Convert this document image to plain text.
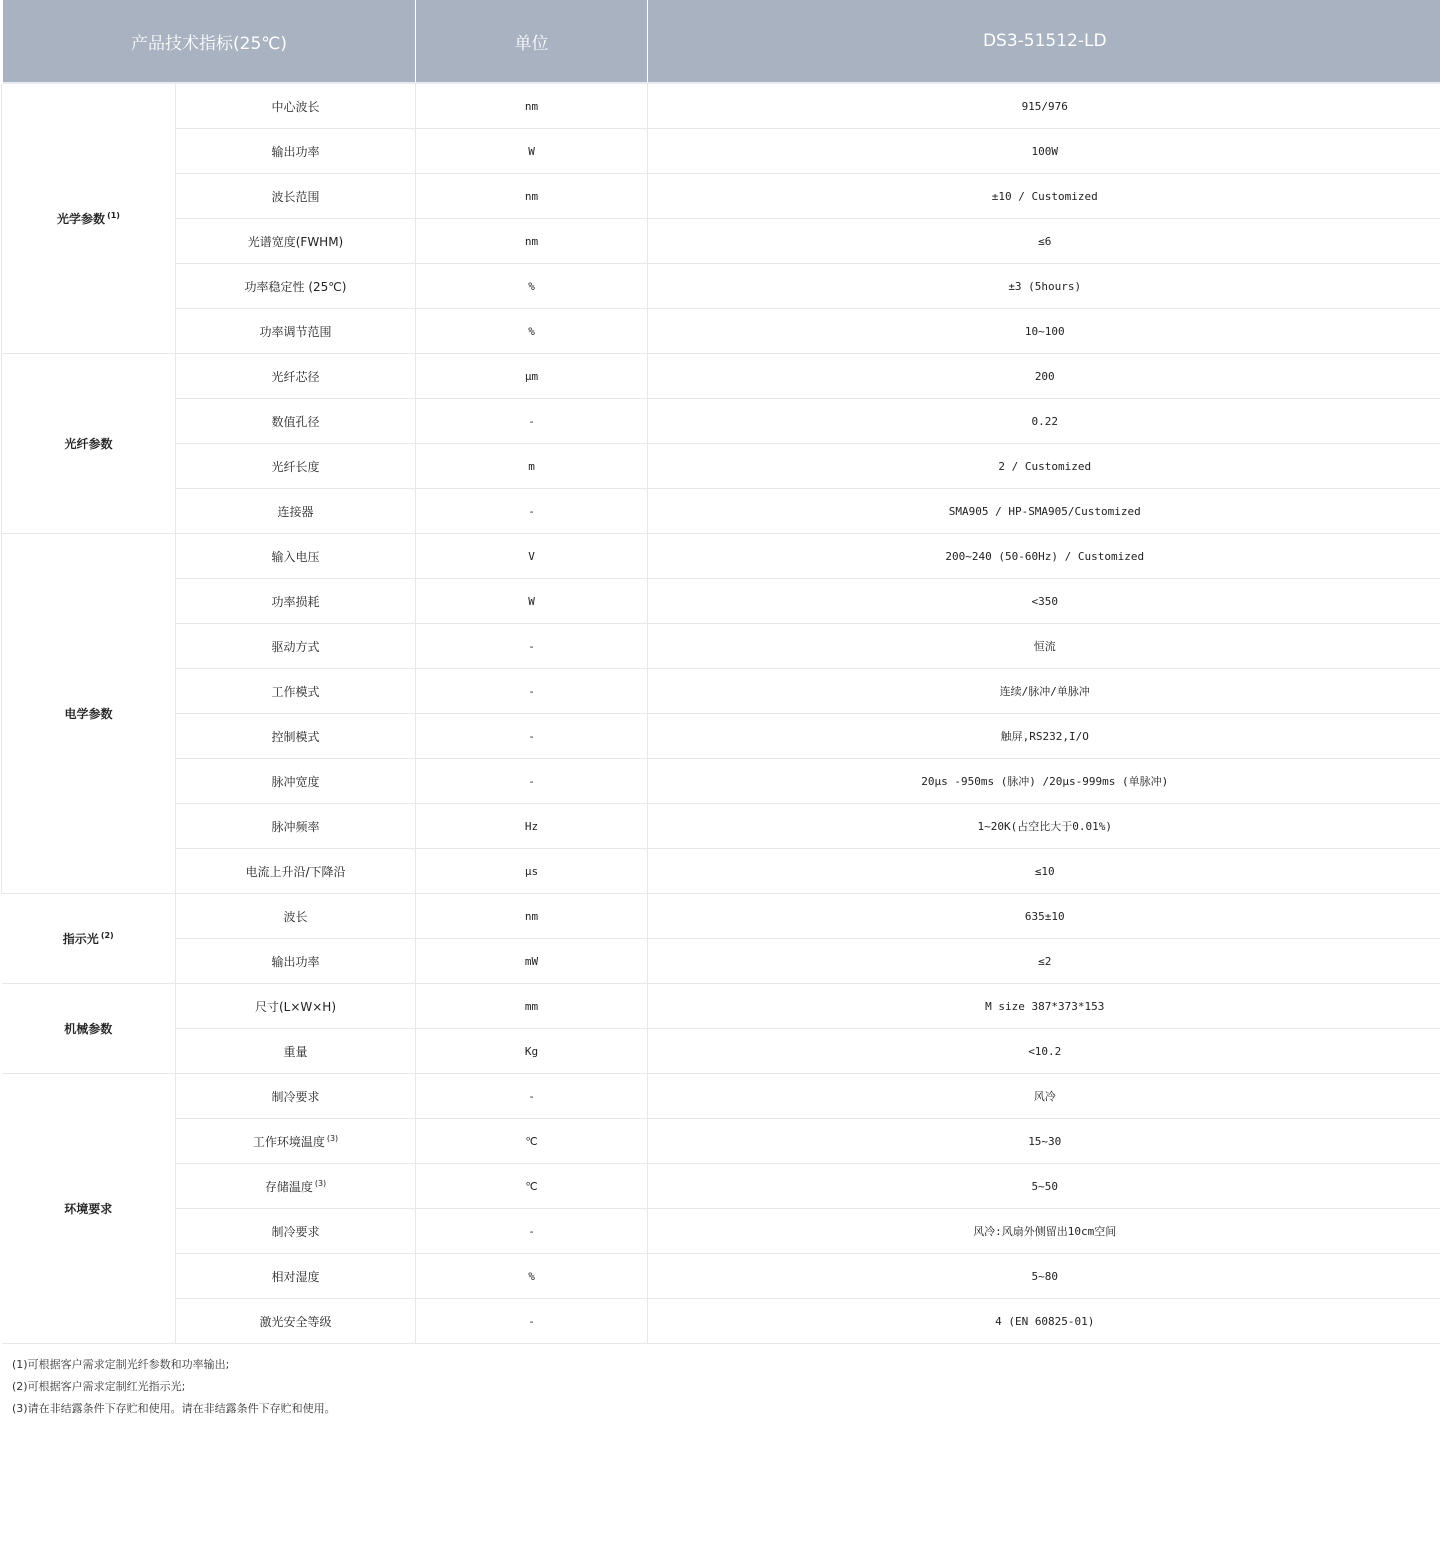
产品技术指标(25℃)		单位	DS3-51512-LD
光学参数 $^{(1)}$	中心波长	nm	915/976
	输出功率	W	100W
	波长范围	nm	±10 / Customized
	光谱宽度(FWHM)	nm	≤6
	功率稳定性 (25℃)	%	±3 (5hours)
	功率调节范围	%	10~100
光纤参数	光纤芯径	μm	200
	数值孔径	-	0.22
	光纤长度	m	2 / Customized
	连接器	-	SMA905 / HP-SMA905/Customized
电学参数	输入电压	V	200~240 (50-60Hz) / Customized
	功率损耗	W	<350
	驱动方式	-	恒流
	工作模式	-	连续/脉冲/单脉冲
	控制模式	-	触屏,RS232,I/O
	脉冲宽度	-	20μs -950ms (脉冲) /20μs-999ms (单脉冲)
	脉冲频率	Hz	1~20K(占空比大于0.01%)
	电流上升沿/下降沿	μs	≤10
指示光 $^{(2)}$	波长	nm	635±10
	输出功率	mW	≤2
机械参数	尺寸(L×W×H)	mm	M size 387*373*153
	重量	Kg	<10.2
环境要求	制冷要求	-	风冷
	工作环境温度 $^{(3)}$	℃	15~30
	存储温度 $^{(3)}$	℃	5~50
	制冷要求	-	风冷:风扇外侧留出10cm空间
	相对湿度	%	5~80
	激光安全等级	-	4 (EN 60825-01)
(1)可根据客户需求定制光纤参数和功率输出;
(2)可根据客户需求定制红光指示光;
(3)请在非结露条件下存贮和使用。请在非结露条件下存贮和使用。
